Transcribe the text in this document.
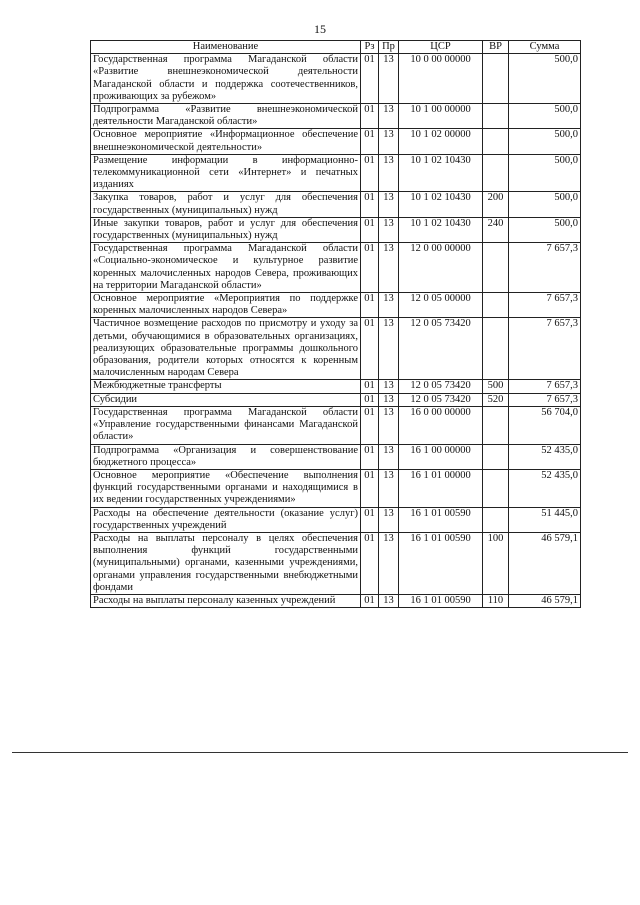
15
Наименование	Рз	Пр	ЦСР	ВР	Сумма
Государственная программа Магаданской области «Развитие внешнеэкономической деятельности Магаданской области и поддержка соотечественников, проживающих за рубежом»	01	13	10 0 00 00000		500,0
Подпрограмма «Развитие внешнеэкономической деятельности Магаданской области»	01	13	10 1 00 00000		500,0
Основное мероприятие «Информационное обеспечение внешнеэкономической деятельности»	01	13	10 1 02 00000		500,0
Размещение информации в информационно-телекоммуникационной сети «Интернет» и печатных изданиях	01	13	10 1 02 10430		500,0
Закупка товаров, работ и услуг для обеспечения государственных (муниципальных) нужд	01	13	10 1 02 10430	200	500,0
Иные закупки товаров, работ и услуг для обеспечения государственных (муниципальных) нужд	01	13	10 1 02 10430	240	500,0
Государственная программа Магаданской области «Социально-экономическое и культурное развитие коренных малочисленных народов Севера, проживающих на территории Магаданской области»	01	13	12 0 00 00000		7 657,3
Основное мероприятие «Мероприятия по поддержке коренных малочисленных народов Севера»	01	13	12 0 05 00000		7 657,3
Частичное возмещение расходов по присмотру и уходу за детьми, обучающимися в образовательных организациях, реализующих образовательные программы дошкольного образования, родители которых относятся к коренным малочисленным народам Севера	01	13	12 0 05 73420		7 657,3
Межбюджетные трансферты	01	13	12 0 05 73420	500	7 657,3
Субсидии	01	13	12 0 05 73420	520	7 657,3
Государственная программа Магаданской области «Управление государственными финансами Магаданской области»	01	13	16 0 00 00000		56 704,0
Подпрограмма «Организация и совершенствование бюджетного процесса»	01	13	16 1 00 00000		52 435,0
Основное мероприятие «Обеспечение выполнения функций государственными органами и находящимися в их ведении государственных учреждениями»	01	13	16 1 01 00000		52 435,0
Расходы на обеспечение деятельности (оказание услуг) государственных учреждений	01	13	16 1 01 00590		51 445,0
Расходы на выплаты персоналу в целях обеспечения выполнения функций государственными (муниципальными) органами, казенными учреждениями, органами управления государственными внебюджетными фондами	01	13	16 1 01 00590	100	46 579,1
Расходы на выплаты персоналу казенных учреждений	01	13	16 1 01 00590	110	46 579,1
